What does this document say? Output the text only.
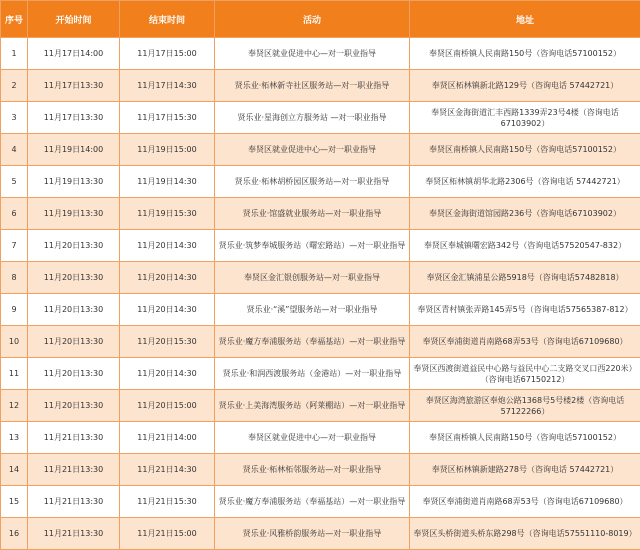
序号	开始时间	结束时间	活动	地址
1	11月17日14:00	11月17日15:00	奉贤区就业促进中心—对一职业指导	奉贤区南桥镇人民南路150号（咨询电话57100152）
2	11月17日13:30	11月17日14:30	贤乐业·柘林新寺社区服务站—对一职业指导	奉贤区柘林镇新北路129号（咨询电话 57442721）
3	11月17日13:30	11月17日15:30	贤乐业·星海创立方服务站 —对一职业指导	奉贤区金海街道汇丰西路1339弄23号4楼（咨询电话67103902）
4	11月19日14:00	11月19日15:00	奉贤区就业促进中心—对一职业指导	奉贤区南桥镇人民南路150号（咨询电话57100152）
5	11月19日13:30	11月19日14:30	贤乐业·柘林胡桥园区服务站—对一职业指导	奉贤区柘林镇胡华北路2306号（咨询电话 57442721）
6	11月19日13:30	11月19日15:30	贤乐业·馆盛就业服务站—对一职业指导	奉贤区金海街道馆园路236号（咨询电话67103902）
7	11月20日13:30	11月20日14:30	贤乐业·筑梦奉城服务站（曙宏路站）—对一职业指导	奉贤区奉城镇曙宏路342号（咨询电话57520547-832）
8	11月20日13:30	11月20日14:30	奉贤区金汇银创服务站—对一职业指导	奉贤区金汇镇浦星公路5918号（咨询电话57482818）
9	11月20日13:30	11月20日14:30	贤乐业·“溪”望服务站—对一职业指导	奉贤区青村镇张弄路145弄5号（咨询电话57565387-812）
10	11月20日13:30	11月20日15:30	贤乐业·魔方奉浦服务站（奉福基站）—对一职业指导	奉贤区奉浦街道肖南路68弄53号（咨询电话67109680）
11	11月20日13:30	11月20日14:30	贤乐业·和润西渡服务站（金港站）—对一职业指导	奉贤区西渡街道益民中心路与益民中心二支路交叉口西220米）（咨询电话67150212）
12	11月20日13:30	11月20日15:00	贤乐业·上美海湾服务站（阿莱棚站）—对一职业指导	奉贤区海湾旅游区奉炮公路1368号5号楼2楼（咨询电话57122266）
13	11月21日13:30	11月21日14:00	奉贤区就业促进中心—对一职业指导	奉贤区南桥镇人民南路150号（咨询电话57100152）
14	11月21日13:30	11月21日14:30	贤乐业·柘林柘邻服务站—对一职业指导	奉贤区柘林镇新建路278号（咨询电话 57442721）
15	11月21日13:30	11月21日15:30	贤乐业·魔方奉浦服务站（奉福基站）—对一职业指导	奉贤区奉浦街道肖南路68弄53号（咨询电话67109680）
16	11月21日13:30	11月21日15:00	贤乐业·风雅桥韵服务站—对一职业指导	奉贤区头桥街道头桥东路298号（咨询电话57551110-8019）
